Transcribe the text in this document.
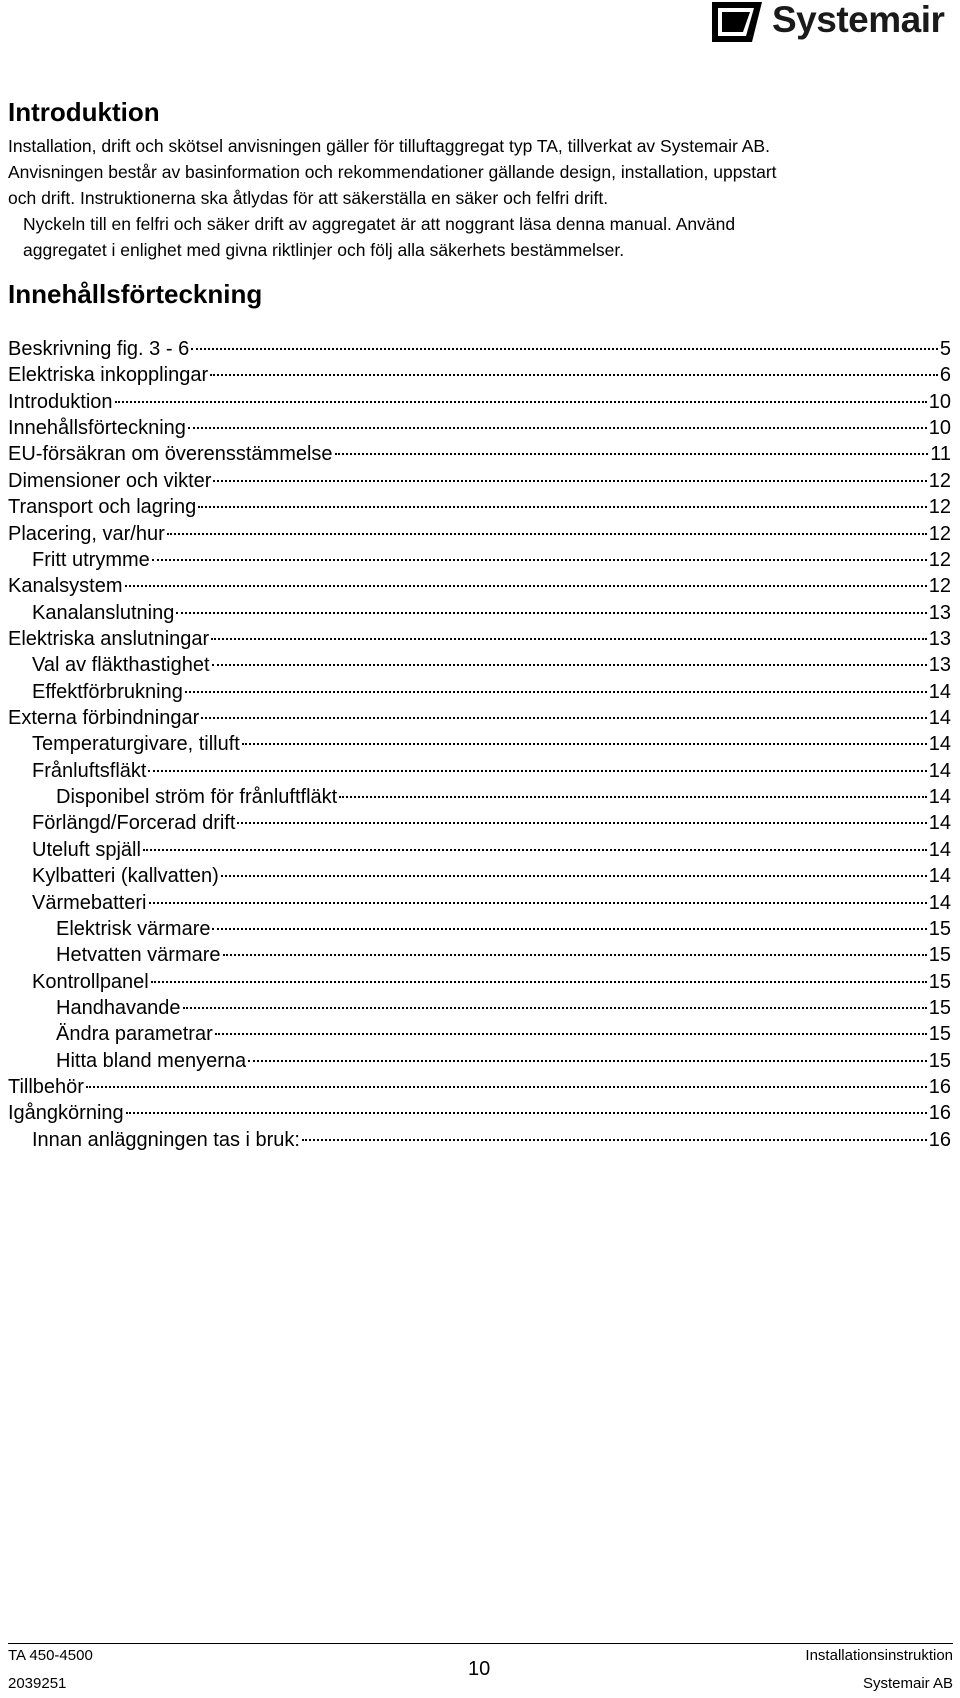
Systemair
Introduktion

Installation, drift och skötsel anvisningen gäller för tilluftaggregat typ TA, tillverkat av Systemair AB.
Anvisningen består av basinformation och rekommendationer gällande design, installation, uppstart
och drift. Instruktionerna ska åtlydas för att säkerställa en säker och felfri drift.

Nyckeln till en felfri och säker drift av aggregatet är att noggrant läsa denna manual. Använd
aggregatet i enlighet med givna riktlinjer och följ alla säkerhets bestämmelser.

Innehållsförteckning
Beskrivning fig. 3 - 6	5
Elektriska inkopplingar	6
Introduktion	10
Innehållsförteckning	10
EU-försäkran om överensstämmelse	11
Dimensioner och vikter	12
Transport och lagring	12
Placering, var/hur	12
Fritt utrymme	12
Kanalsystem	12
Kanalanslutning	13
Elektriska anslutningar	13
Val av fläkthastighet	13
Effektförbrukning	14
Externa förbindningar	14
Temperaturgivare, tilluft	14
Frånluftsfläkt	14
Disponibel ström för frånluftfläkt	14
Förlängd/Forcerad drift	14
Uteluft spjäll	14
Kylbatteri (kallvatten)	14
Värmebatteri	14
Elektrisk värmare	15
Hetvatten värmare	15
Kontrollpanel	15
Handhavande	15
Ändra parametrar	15
Hitta bland menyerna	15
Tillbehör	16
Igångkörning	16
Innan anläggningen tas i bruk:	16
TA 450-4500	Installationsinstruktion
10
2039251	Systemair AB
